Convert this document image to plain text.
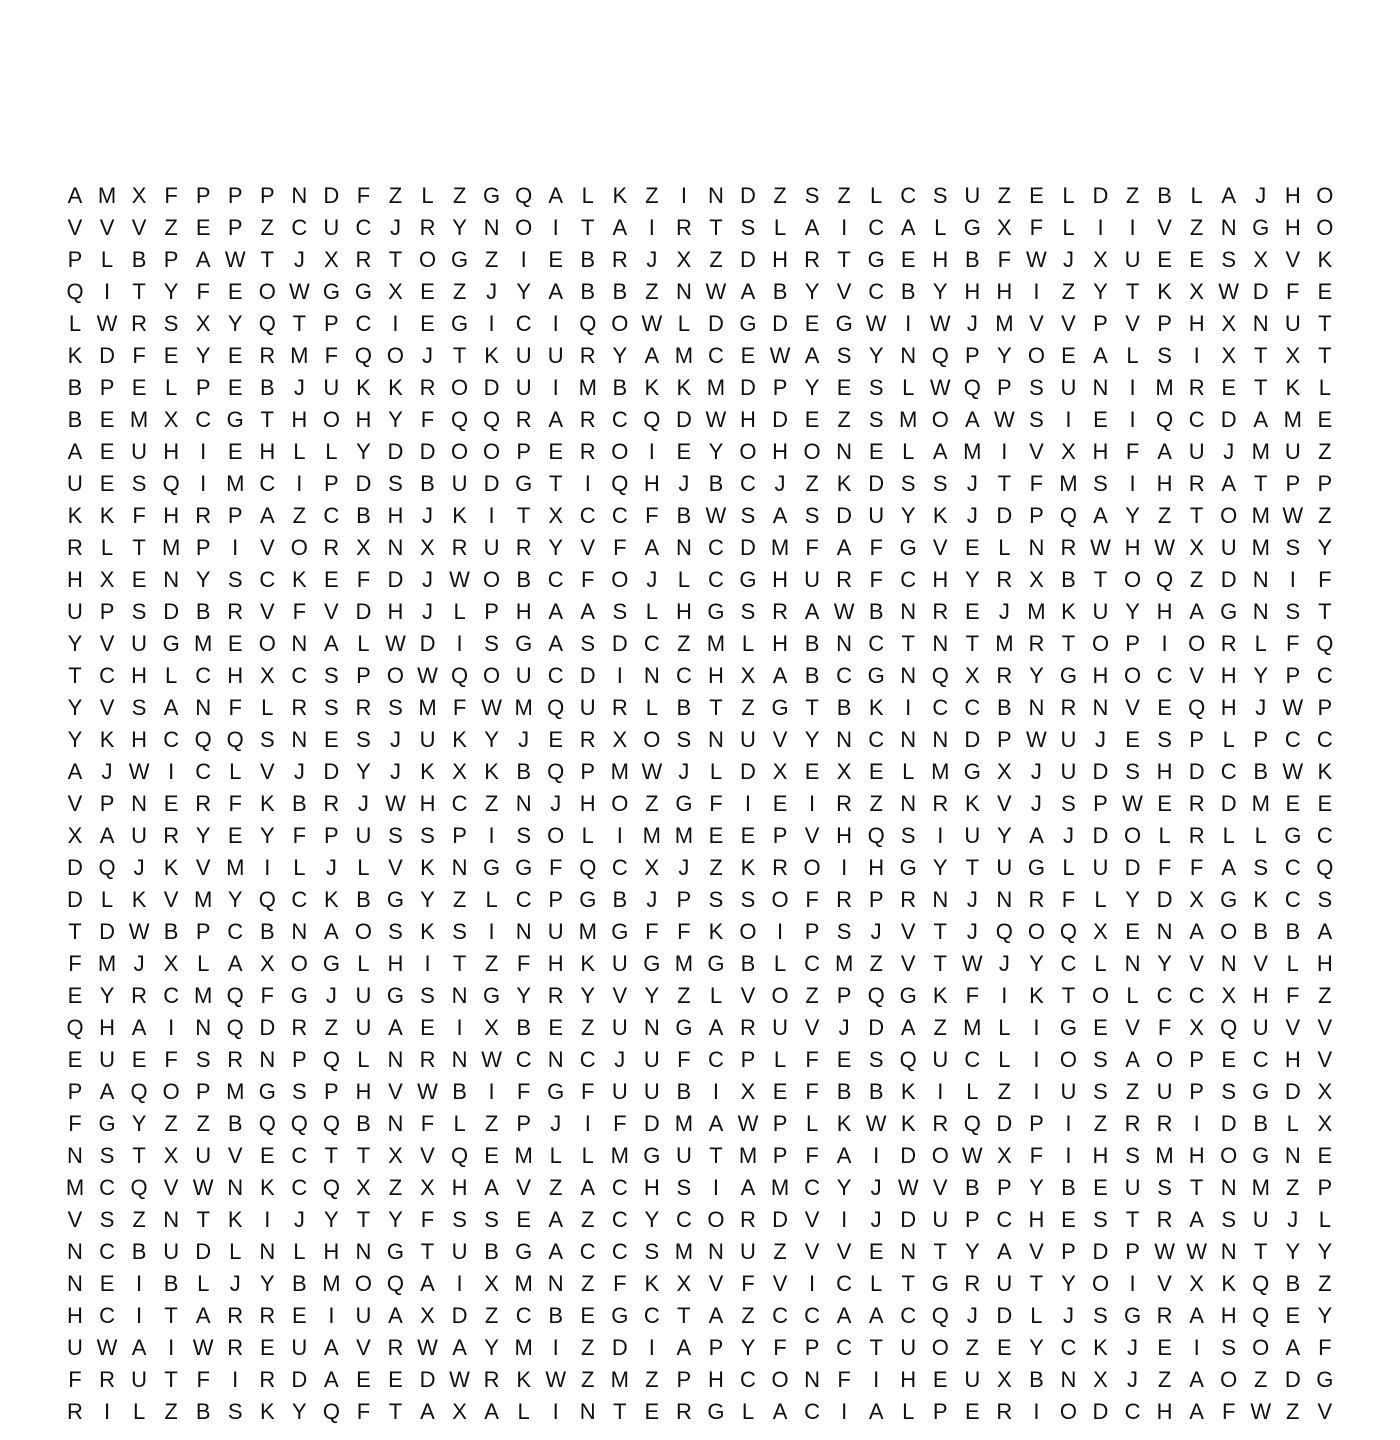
A M X F P P P N D F Z L Z G Q A L K Z	I N D Z S Z L C S U Z E L D Z B L A J H O
V V V Z E P Z C U C J R Y N O I	T A I R T S L A I C A L G X F L	I	I V Z N G H O
P L B P A W T J X R T O G Z	I E B R J X Z D H R T G E H B F W J X U E E S X V K
Q I	T Y F E O W G G X E Z J Y A B B Z N W A B Y V C B Y H H I	Z Y T K X W D F E
L W R S X Y Q T P C I E G I C I Q O W L D G D E G W I W J M V V P V P H X N U T
K D F E Y E R M F Q O J T K U U R Y A M C E W A S Y N Q P Y O E A L S I X T X T
B P E L P E B J U K K R O D U I M B K K M D P Y E S L W Q P S U N I M R E T K L
B E M X C G T H O H Y F Q Q R A R C Q D W H D E Z S M O A W S I E I Q C D A M E
A E U H I E H L L Y D D O O P E R O I E Y O H O N E L A M I V X H F A U J M U Z
U E S Q I M C I P D S B U D G T	I Q H J B C J Z K D S S J T F M S I H R A T P P
K K F H R P A Z C B H J K I	T X C C F B W S A S D U Y K J D P Q A Y Z T O M W Z
R L T M P I V O R X N X R U R Y V F A N C D M F A F G V E L N R W H W X U M S Y
H X E N Y S C K E F D J W O B C F O J L C G H U R F C H Y R X B T O Q Z D N I	F
U P S D B R V F V D H J L P H A A S L H G S R A W B N R E J M K U Y H A G N S T
Y V U G M E O N A L W D I S G A S D C Z M L H B N C T N T M R T O P I O R L F Q
T C H L C H X C S P O W Q O U C D I N C H X A B C G N Q X R Y G H O C V H Y P C
Y V S A N F L R S R S M F W M Q U R L B T Z G T B K I C C B N R N V E Q H J W P
Y K H C Q Q S N E S J U K Y J E R X O S N U V Y N C N N D P W U J E S P L P C C
A J W I C L V J D Y J K X K B Q P M W J L D X E X E L M G X J U D S H D C B W K
V P N E R F K B R J W H C Z N J H O Z G F	I E I R Z N R K V J S P W E R D M E E
X A U R Y E Y F P U S S P I S O L	I M M E E P V H Q S I U Y A J D O L R L L G C
D Q J K V M I	L J L V K N G G F Q C X J Z K R O I H G Y T U G L U D F F A S C Q
D L K V M Y Q C K B G Y Z L C P G B J P S S O F R P R N J N R F L Y D X G K C S
T D W B P C B N A O S K S I N U M G F F K O I P S J V T J Q O Q X E N A O B B A
F M J X L A X O G L H I	T Z F H K U G M G B L C M Z V T W J Y C L N Y V N V L H
E Y R C M Q F G J U G S N G Y R Y V Y Z L V O Z P Q G K F	I K T O L C C X H F Z
Q H A I N Q D R Z U A E I X B E Z U N G A R U V J D A Z M L	I G E V F X Q U V V
E U E F S R N P Q L N R N W C N C J U F C P L F E S Q U C L	I O S A O P E C H V
P A Q O P M G S P H V W B I	F G F U U B I X E F B B K I	L Z	I U S Z U P S G D X
F G Y Z Z B Q Q Q B N F L Z P J	I	F D M A W P L K W K R Q D P I	Z R R I D B L X
N S T X U V E C T T X V Q E M L L M G U T M P F A I D O W X F	I H S M H O G N E
M C Q V W N K C Q X Z X H A V Z A C H S I A M C Y J W V B P Y B E U S T N M Z P
V S Z N T K I	J Y T Y F S S E A Z C Y C O R D V I	J D U P C H E S T R A S U J L
N C B U D L N L H N G T U B G A C C S M N U Z V V E N T Y A V P D P W W N T Y Y
N E I B L J Y B M O Q A I X M N Z F K X V F V I C L T G R U T Y O I V X K Q B Z
H C I	T A R R E I U A X D Z C B E G C T A Z C C A A C Q J D L J S G R A H Q E Y
U W A I W R E U A V R W A Y M I	Z D I A P Y F P C T U O Z E Y C K J E I S O A F
F R U T F	I R D A E E D W R K W Z M Z P H C O N F	I H E U X B N X J Z A O Z D G
R I	L Z B S K Y Q F T A X A L	I N T E R G L A C I A L P E R I O D C H A F W Z V
